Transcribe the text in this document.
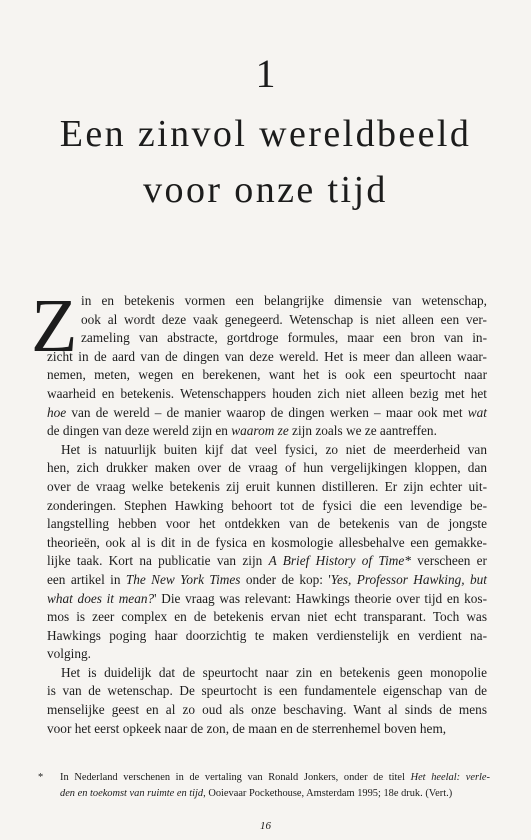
1
Een zinvol wereldbeeld
voor onze tijd
Z in en betekenis vormen een belangrijke dimensie van wetenschap,
ook al wordt deze vaak genegeerd. Wetenschap is niet alleen een ver-
zameling van abstracte, gortdroge formules, maar een bron van in-
zicht in de aard van de dingen van deze wereld. Het is meer dan alleen waar-
nemen, meten, wegen en berekenen, want het is ook een speurtocht naar
waarheid en betekenis. Wetenschappers houden zich niet alleen bezig met het
hoe van de wereld – de manier waarop de dingen werken – maar ook met wat
de dingen van deze wereld zijn en waarom ze zijn zoals we ze aantreffen.
Het is natuurlijk buiten kijf dat veel fysici, zo niet de meerderheid van
hen, zich drukker maken over de vraag of hun vergelijkingen kloppen, dan
over de vraag welke betekenis zij eruit kunnen distilleren. Er zijn echter uit-
zonderingen. Stephen Hawking behoort tot de fysici die een levendige be-
langstelling hebben voor het ontdekken van de betekenis van de jongste
theorieën, ook al is dit in de fysica en kosmologie allesbehalve een gemakke-
lijke taak. Kort na publicatie van zijn A Brief History of Time* verscheen er
een artikel in The New York Times onder de kop: 'Yes, Professor Hawking, but
what does it mean?' Die vraag was relevant: Hawkings theorie over tijd en kos-
mos is zeer complex en de betekenis ervan niet echt transparant. Toch was
Hawkings poging haar doorzichtig te maken verdienstelijk en verdient na-
volging.
Het is duidelijk dat de speurtocht naar zin en betekenis geen monopolie
is van de wetenschap. De speurtocht is een fundamentele eigenschap van de
menselijke geest en al zo oud als onze beschaving. Want al sinds de mens
voor het eerst opkeek naar de zon, de maan en de sterrenhemel boven hem,
* In Nederland verschenen in de vertaling van Ronald Jonkers, onder de titel Het heelal: verle-
den en toekomst van ruimte en tijd, Ooievaar Pockethouse, Amsterdam 1995; 18e druk. (Vert.)
16
